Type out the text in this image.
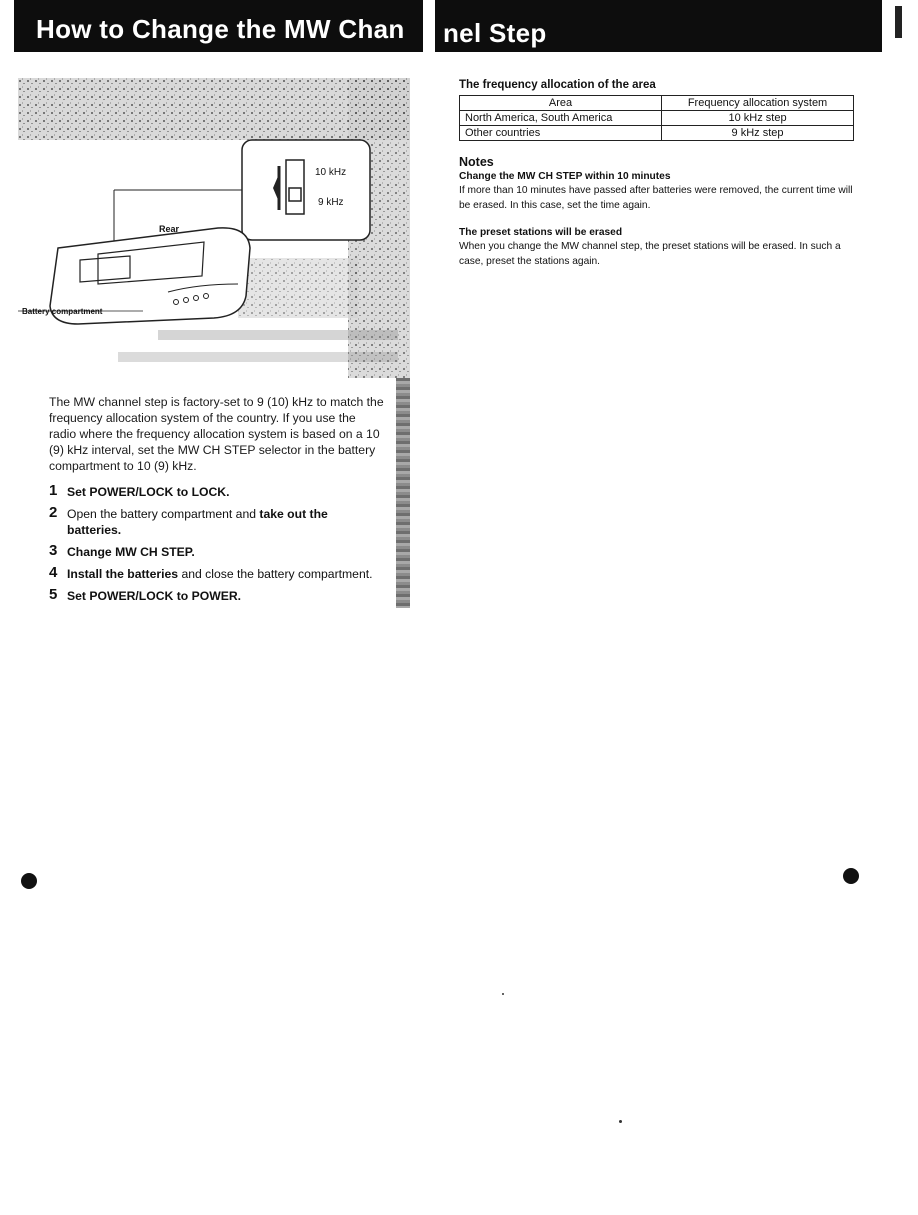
How to Change the MW Chan nel Step
10 kHz
9 kHz
Rear
Battery compartment

The MW channel step is factory-set to 9 (10) kHz to match the frequency allocation system of the country. If you use the radio where the frequency allocation system is based on a 10 (9) kHz interval, set the MW CH STEP selector in the battery compartment to 10 (9) kHz.

1 Set POWER/LOCK to LOCK.
2 Open the battery compartment and take out the batteries.
3 Change MW CH STEP.
4 Install the batteries and close the battery compartment.
5 Set POWER/LOCK to POWER.

The frequency allocation of the area

Area	Frequency allocation system
North America, South America	10 kHz step
Other countries	9 kHz step

Notes

Change the MW CH STEP within 10 minutes

If more than 10 minutes have passed after batteries were removed, the current time will be erased. In this case, set the time again.

The preset stations will be erased

When you change the MW channel step, the preset stations will be erased. In such a case, preset the stations again.
